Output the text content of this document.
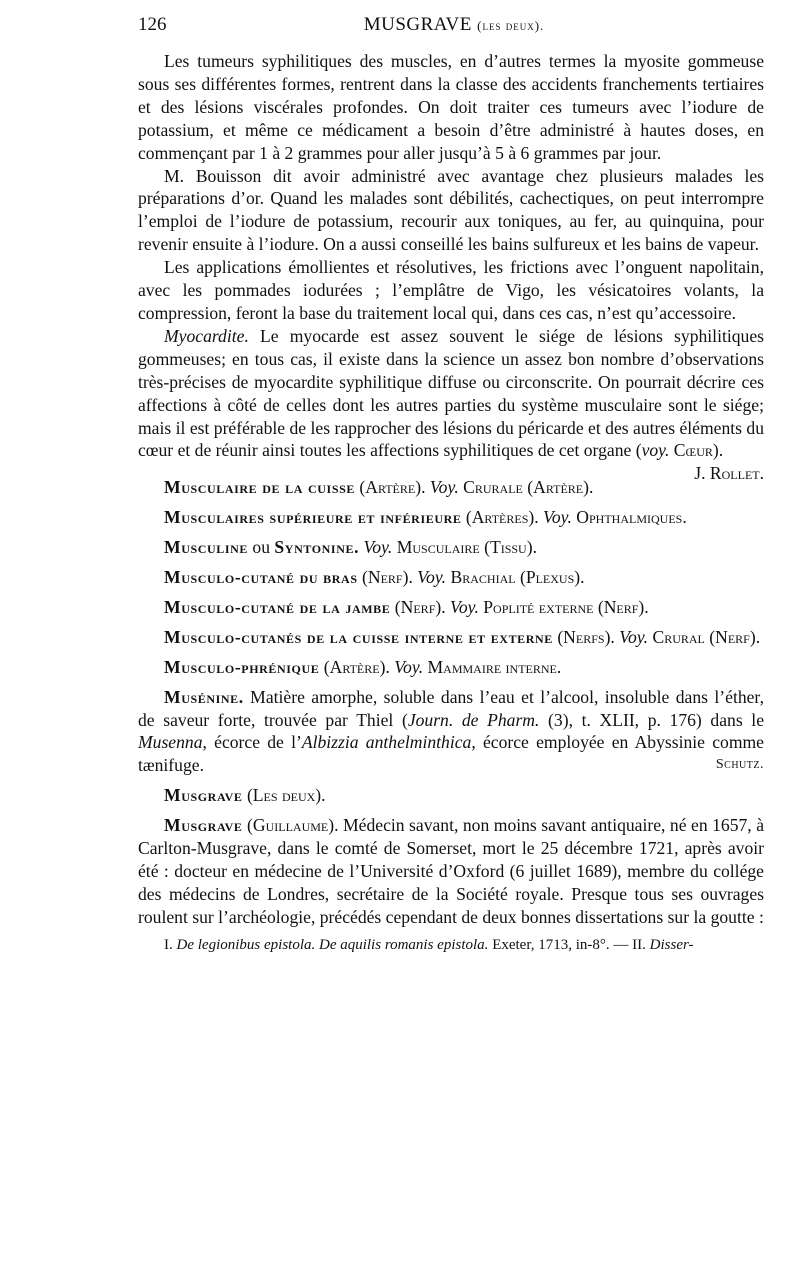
126	MUSGRAVE (les deux).

Les tumeurs syphilitiques des muscles, en d’autres termes la myosite gommeuse sous ses différentes formes, rentrent dans la classe des accidents franchements tertiaires et des lésions viscérales profondes. On doit traiter ces tumeurs avec l’iodure de potassium, et même ce médicament a besoin d’être administré à hautes doses, en commençant par 1 à 2 grammes pour aller jusqu’à 5 à 6 grammes par jour.

M. Bouisson dit avoir administré avec avantage chez plusieurs malades les préparations d’or. Quand les malades sont débilités, cachectiques, on peut interrompre l’emploi de l’iodure de potassium, recourir aux toniques, au fer, au quinquina, pour revenir ensuite à l’iodure. On a aussi conseillé les bains sulfureux et les bains de vapeur.

Les applications émollientes et résolutives, les frictions avec l’onguent napolitain, avec les pommades iodurées ; l’emplâtre de Vigo, les vésicatoires volants, la compression, feront la base du traitement local qui, dans ces cas, n’est qu’accessoire.

Myocardite. Le myocarde est assez souvent le siége de lésions syphilitiques gommeuses; en tous cas, il existe dans la science un assez bon nombre d’observations très-précises de myocardite syphilitique diffuse ou circonscrite. On pourrait décrire ces affections à côté de celles dont les autres parties du système musculaire sont le siége; mais il est préférable de les rapprocher des lésions du péricarde et des autres éléments du cœur et de réunir ainsi toutes les affections syphilitiques de cet organe (voy. Cœur).
J. Rollet.

Musculaire de la cuisse (Artère). Voy. Crurale (Artère).

Musculaires supérieure et inférieure (Artères). Voy. Ophthalmiques.

Musculine ou Syntonine. Voy. Musculaire (Tissu).

Musculo-cutané du bras (Nerf). Voy. Brachial (Plexus).

Musculo-cutané de la jambe (Nerf). Voy. Poplité externe (Nerf).

Musculo-cutanés de la cuisse interne et externe (Nerfs). Voy. Crural (Nerf).

Musculo-phrénique (Artère). Voy. Mammaire interne.

Musénine. Matière amorphe, soluble dans l’eau et l’alcool, insoluble dans l’éther, de saveur forte, trouvée par Thiel (Journ. de Pharm. (3), t. XLII, p. 176) dans le Musenna, écorce de l’Albizzia anthelminthica, écorce employée en Abyssinie comme tænifuge.	Schutz.

Musgrave (Les deux).

Musgrave (Guillaume). Médecin savant, non moins savant antiquaire, né en 1657, à Carlton-Musgrave, dans le comté de Somerset, mort le 25 décembre 1721, après avoir été : docteur en médecine de l’Université d’Oxford (6 juillet 1689), membre du collége des médecins de Londres, secrétaire de la Société royale. Presque tous ses ouvrages roulent sur l’archéologie, précédés cependant de deux bonnes dissertations sur la goutte :

I. De legionibus epistola. De aquilis romanis epistola. Exeter, 1713, in-8°. — II. Disser-
